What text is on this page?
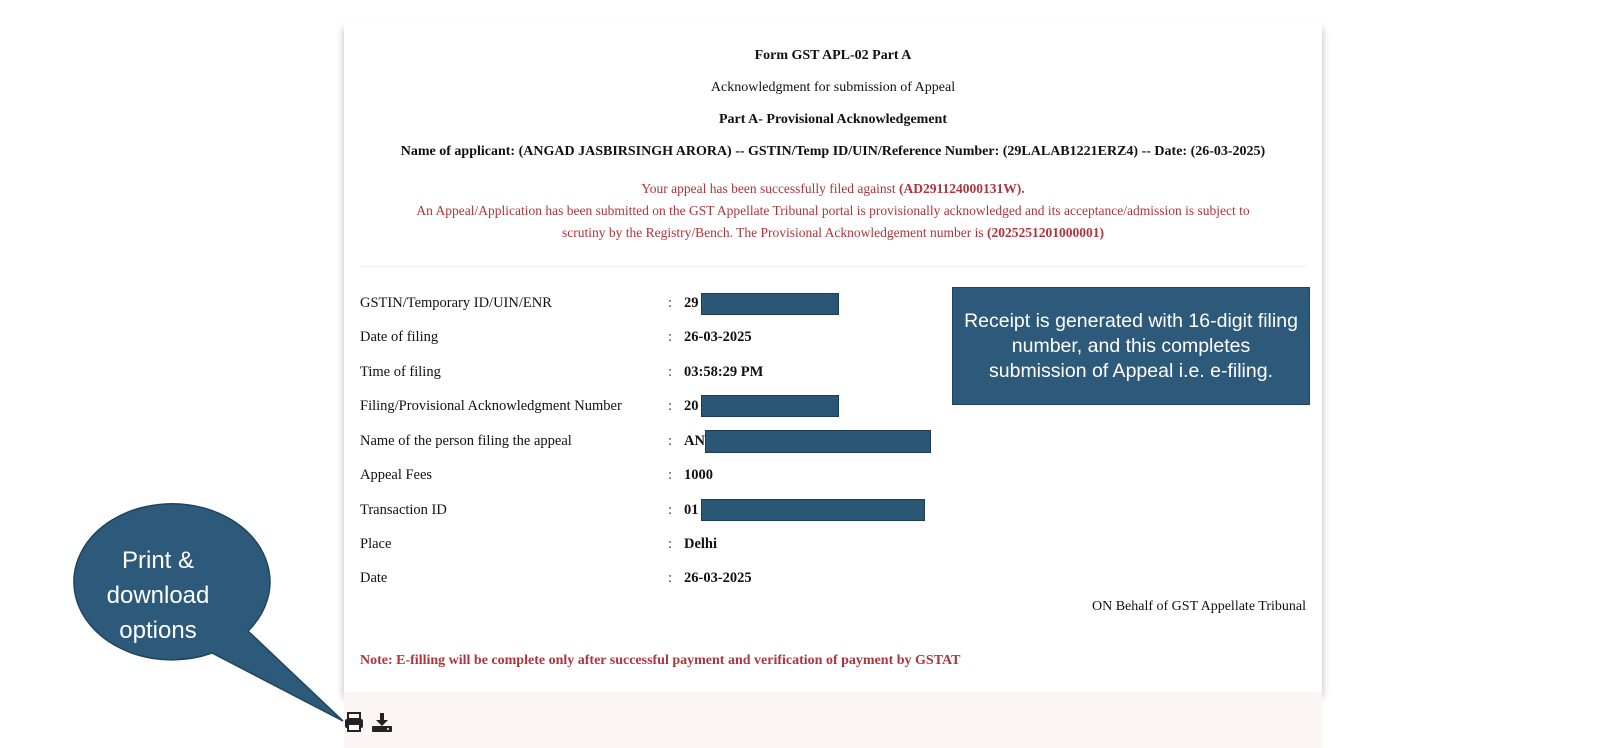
Form GST APL-02 Part A
Acknowledgment for submission of Appeal
Part A- Provisional Acknowledgement
Name of applicant: (ANGAD JASBIRSINGH ARORA) -- GSTIN/Temp ID/UIN/Reference Number: (29LALAB1221ERZ4) -- Date: (26-03-2025)
Your appeal has been successfully filed against (AD291124000131W).
An Appeal/Application has been submitted on the GST Appellate Tribunal portal is provisionally acknowledged and its acceptance/admission is subject to
scrutiny by the Registry/Bench. The Provisional Acknowledgement number is (2025251201000001)
GSTIN/Temporary ID/UIN/ENR	: 29
Date of filing	: 26-03-2025
Time of filing	: 03:58:29 PM
Filing/Provisional Acknowledgment Number	: 20
Name of the person filing the appeal	: AN
Appeal Fees	: 1000
Transaction ID	: 01
Place	: Delhi
Date	: 26-03-2025
ON Behalf of GST Appellate Tribunal
Note: E-filling will be complete only after successful payment and verification of payment by GSTAT
Receipt is generated with 16-digit filing number, and this completes submission of Appeal i.e. e-filing.
Print &
download
options
